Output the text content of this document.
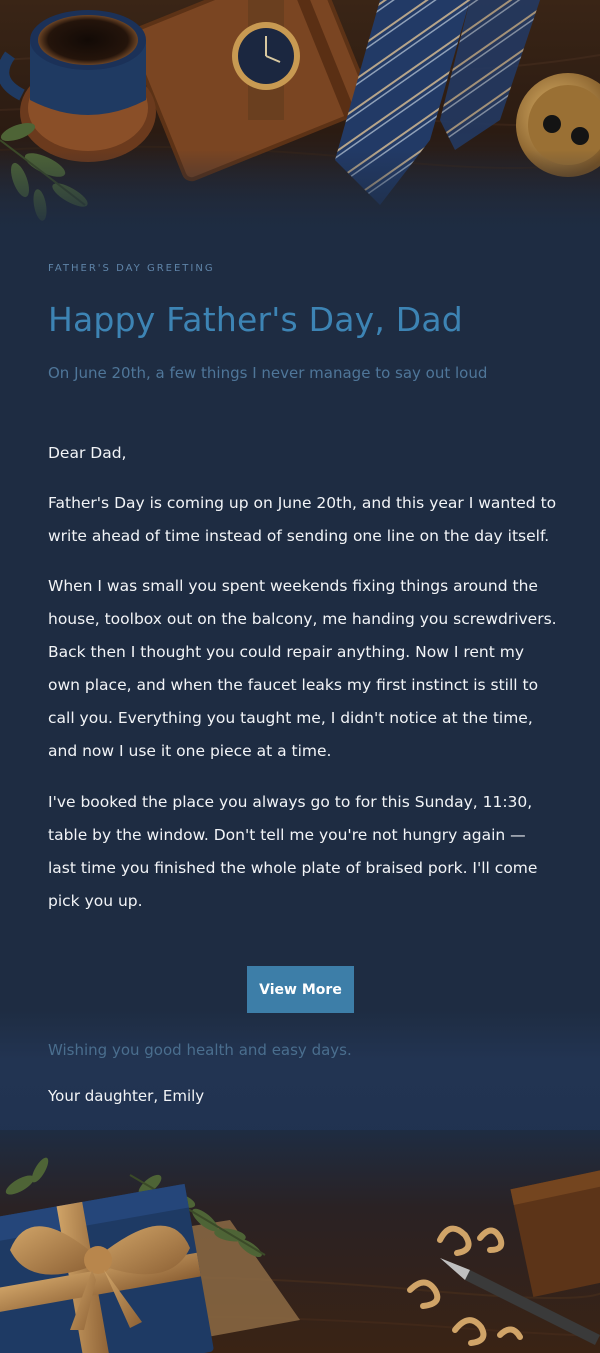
FATHER'S DAY GREETING
Happy Father's Day, Dad
On June 20th, a few things I never manage to say out loud
Dear Dad,

Father's Day is coming up on June 20th, and this year I wanted to write ahead of time instead of sending one line on the day itself.

When I was small you spent weekends fixing things around the house, toolbox out on the balcony, me handing you screwdrivers. Back then I thought you could repair anything. Now I rent my own place, and when the faucet leaks my first instinct is still to call you. Everything you taught me, I didn't notice at the time, and now I use it one piece at a time.

I've booked the place you always go to for this Sunday, 11:30, table by the window. Don't tell me you're not hungry again — last time you finished the whole plate of braised pork. I'll come pick you up.

View More
Wishing you good health and easy days.
Your daughter, Emily
